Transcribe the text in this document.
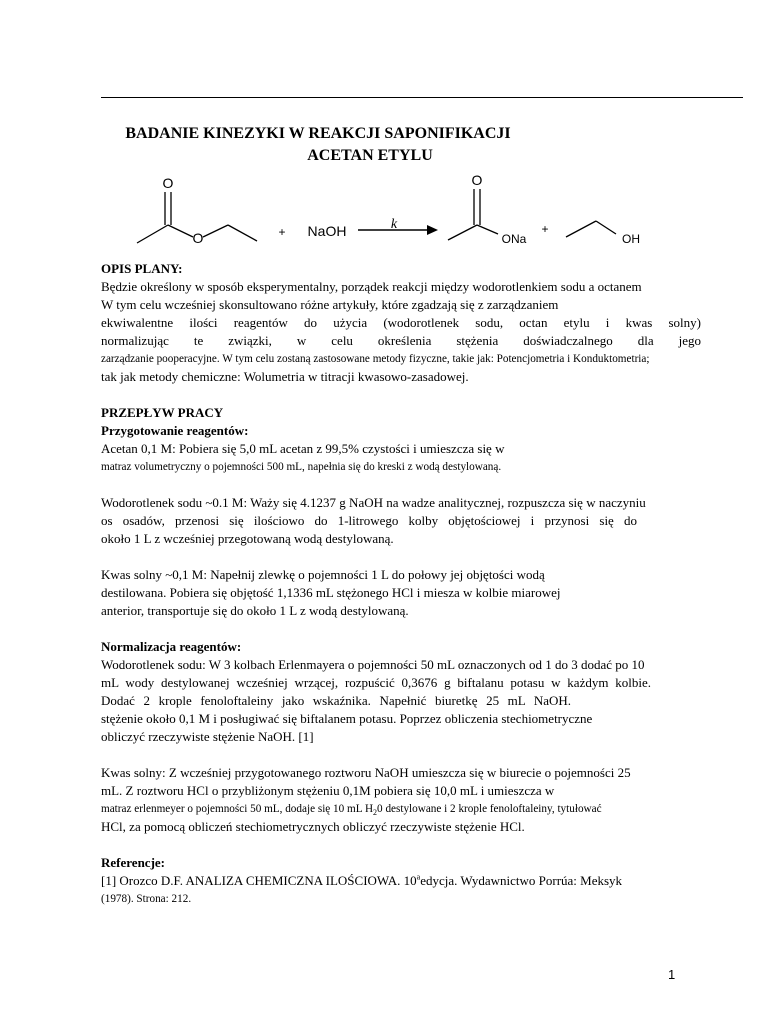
BADANIE KINEZYKI W REAKCJI SAPONIFIKACJI
ACETAN ETYLU
O
O	+ NaOH	k
O
ONa
+
OH
OPIS PLANY:
Będzie określony w sposób eksperymentalny, porządek reakcji między wodorotlenkiem sodu a octanem
W tym celu wcześniej skonsultowano różne artykuły, które zgadzają się z zarządzaniem
ekwiwalentne ilości reagentów do użycia (wodorotlenek sodu, octan etylu i kwas solny)
normalizując te związki, w celu określenia stężenia doświadczalnego dla jego
zarządzanie pooperacyjne. W tym celu zostaną zastosowane metody fizyczne, takie jak: Potencjometria i Konduktometria;
tak jak metody chemiczne: Wolumetria w titracji kwasowo-zasadowej.
PRZEPŁYW PRACY
Przygotowanie reagentów:
Acetan 0,1 M: Pobiera się 5,0 mL acetan z 99,5% czystości i umieszcza się w
matraz volumetryczny o pojemności 500 mL, napełnia się do kreski z wodą destylowaną.
Wodorotlenek sodu ~0.1 M: Waży się 4.1237 g NaOH na wadze analitycznej, rozpuszcza się w naczyniu
os osadów, przenosi się ilościowo do 1-litrowego kolby objętościowej i przynosi się do
około 1 L z wcześniej przegotowaną wodą destylowaną.
Kwas solny ~0,1 M: Napełnij zlewkę o pojemności 1 L do połowy jej objętości wodą
destilowana. Pobiera się objętość 1,1336 mL stężonego HCl i miesza w kolbie miarowej
anterior, transportuje się do około 1 L z wodą destylowaną.
Normalizacja reagentów:
Wodorotlenek sodu: W 3 kolbach Erlenmayera o pojemności 50 mL oznaczonych od 1 do 3 dodać po 10
mL wody destylowanej wcześniej wrzącej, rozpuścić 0,3676 g biftalanu potasu w każdym kolbie.
Dodać 2 krople fenoloftaleiny jako wskaźnika. Napełnić biuretkę 25 mL NaOH.
stężenie około 0,1 M i posługiwać się biftalanem potasu. Poprzez obliczenia stechiometryczne
obliczyć rzeczywiste stężenie NaOH. [1]
Kwas solny: Z wcześniej przygotowanego roztworu NaOH umieszcza się w biurecie o pojemności 25
mL. Z roztworu HCl o przybliżonym stężeniu 0,1M pobiera się 10,0 mL i umieszcza w
matraz erlenmeyer o pojemności 50 mL, dodaje się 10 mL $H_20$ destylowane i 2 krople fenoloftaleiny, tytułować
HCl, za pomocą obliczeń stechiometrycznych obliczyć rzeczywiste stężenie HCl.
Referencje:
[1] Orozco D.F. ANALIZA CHEMICZNA ILOŚCIOWA. 10$^a$edycja. Wydawnictwo Porrúa: Meksyk
(1978). Strona: 212.
1
